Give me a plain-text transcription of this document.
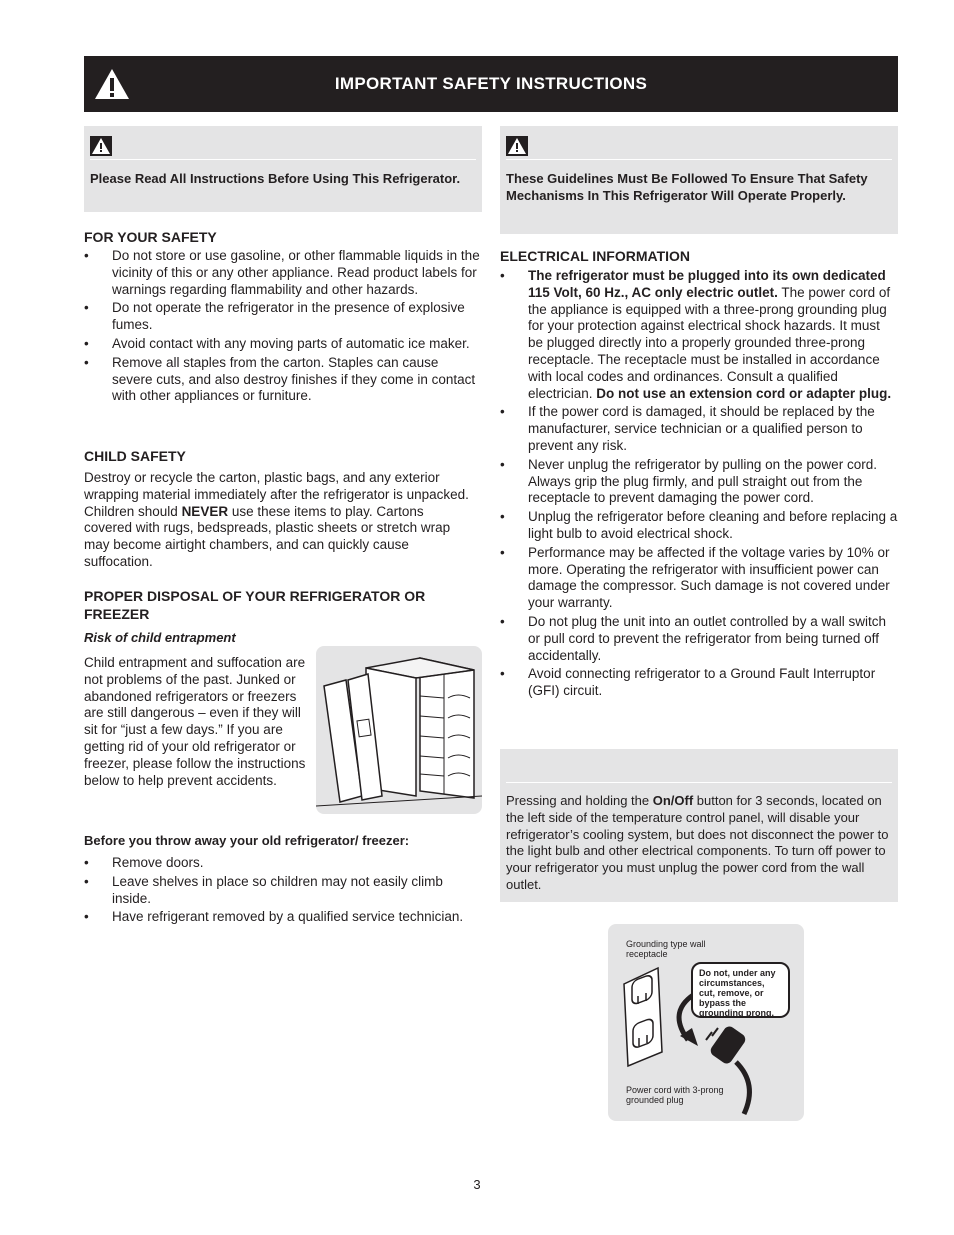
IMPORTANT SAFETY INSTRUCTIONS
Please Read All Instructions Before Using This Refrigerator.	These Guidelines Must Be Followed To Ensure That Safety Mechanisms In This Refrigerator Will Operate Properly.
FOR YOUR SAFETY
• Do not store or use gasoline, or other flammable liquids in the vicinity of this or any other appliance. Read product labels for warnings regarding flammability and other hazards.
• Do not operate the refrigerator in the presence of explosive fumes.
• Avoid contact with any moving parts of automatic ice maker.
• Remove all staples from the carton. Staples can cause severe cuts, and also destroy finishes if they come in contact with other appliances or furniture.
CHILD SAFETY
Destroy or recycle the carton, plastic bags, and any exterior wrapping material immediately after the refrigerator is unpacked. Children should NEVER use these items to play. Cartons covered with rugs, bedspreads, plastic sheets or stretch wrap may become airtight chambers, and can quickly cause suffocation.
PROPER DISPOSAL OF YOUR REFRIGERATOR OR FREEZER
Risk of child entrapment
Child entrapment and suffocation are not problems of the past. Junked or abandoned refrigerators or freezers are still dangerous – even if they will sit for “just a few days.” If you are getting rid of your old refrigerator or freezer, please follow the instructions below to help prevent accidents.
Before you throw away your old refrigerator/ freezer:
• Remove doors.
• Leave shelves in place so children may not easily climb inside.
• Have refrigerant removed by a qualified service technician.
ELECTRICAL INFORMATION
• The refrigerator must be plugged into its own dedicated 115 Volt, 60 Hz., AC only electric outlet. The power cord of the appliance is equipped with a three-prong grounding plug for your protection against electrical shock hazards. It must be plugged directly into a properly grounded three-prong receptacle. The receptacle must be installed in accordance with local codes and ordinances. Consult a qualified electrician. Do not use an extension cord or adapter plug.
• If the power cord is damaged, it should be replaced by the manufacturer, service technician or a qualified person to prevent any risk.
• Never unplug the refrigerator by pulling on the power cord. Always grip the plug firmly, and pull straight out from the receptacle to prevent damaging the power cord.
• Unplug the refrigerator before cleaning and before replacing a light bulb to avoid electrical shock.
• Performance may be affected if the voltage varies by 10% or more. Operating the refrigerator with insufficient power can damage the compressor. Such damage is not covered under your warranty.
• Do not plug the unit into an outlet controlled by a wall switch or pull cord to prevent the refrigerator from being turned off accidentally.
• Avoid connecting refrigerator to a Ground Fault Interruptor (GFI) circuit.
Pressing and holding the On/Off button for 3 seconds, located on the left side of the temperature control panel, will disable your refrigerator’s cooling system, but does not disconnect the power to the light bulb and other electrical components. To turn off power to your refrigerator you must unplug the power cord from the wall outlet.
Grounding type wall receptacle
Do not, under any circumstances, cut, remove, or bypass the grounding prong.
Power cord with 3-prong grounded plug
3
